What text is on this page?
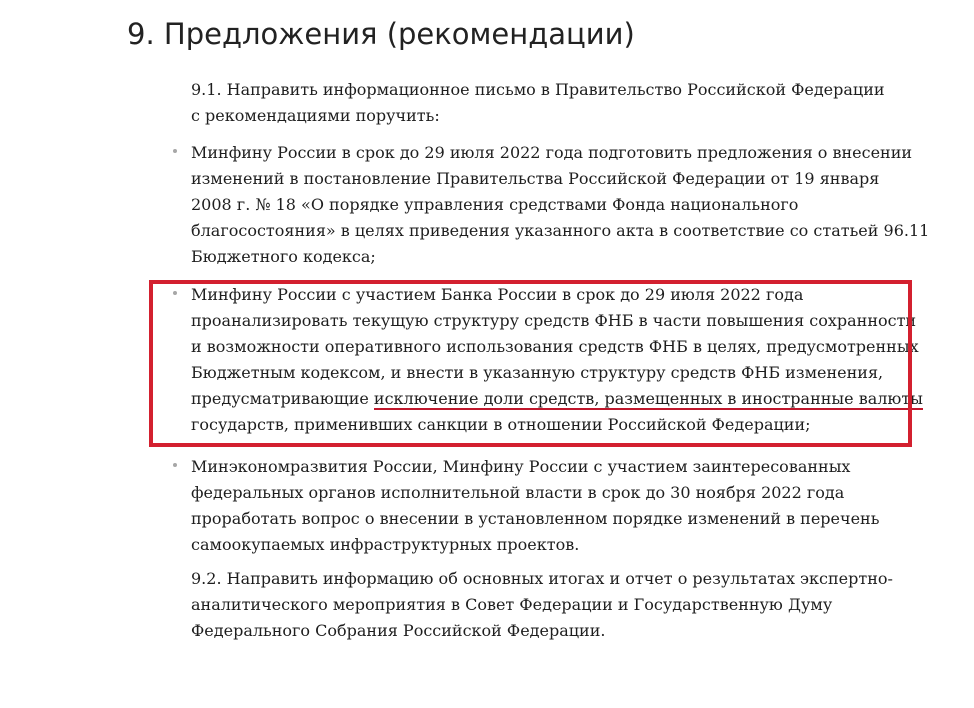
9. Предложения (рекомендации)
9.1. Направить информационное письмо в Правительство Российской Федерации
с рекомендациями поручить:
Минфину России в срок до 29 июля 2022 года подготовить предложения о внесении
изменений в постановление Правительства Российской Федерации от 19 января
2008 г. № 18 «О порядке управления средствами Фонда национального
благосостояния» в целях приведения указанного акта в соответствие со статьей 96.11
Бюджетного кодекса;
Минфину России с участием Банка России в срок до 29 июля 2022 года
проанализировать текущую структуру средств ФНБ в части повышения сохранности
и возможности оперативного использования средств ФНБ в целях, предусмотренных
Бюджетным кодексом, и внести в указанную структуру средств ФНБ изменения,
предусматривающие исключение доли средств, размещенных в иностранные валюты
государств, применивших санкции в отношении Российской Федерации;
Минэкономразвития России, Минфину России с участием заинтересованных
федеральных органов исполнительной власти в срок до 30 ноября 2022 года
проработать вопрос о внесении в установленном порядке изменений в перечень
самоокупаемых инфраструктурных проектов.
9.2. Направить информацию об основных итогах и отчет о результатах экспертно-
аналитического мероприятия в Совет Федерации и Государственную Думу
Федерального Собрания Российской Федерации.
